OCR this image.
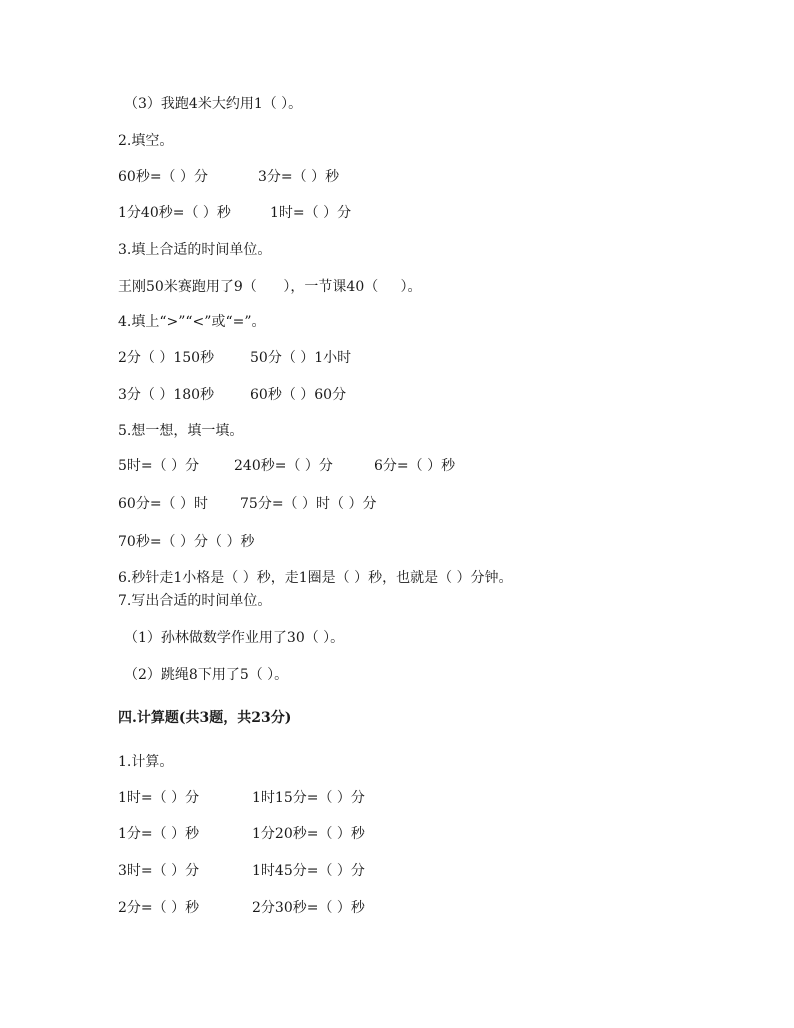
（3）我跑4米大约用1（ ）。
2.填空。
60秒=（ ）分	3分=（ ）秒
1分40秒=（ ）秒	1时=（ ）分
3.填上合适的时间单位。
王刚50米赛跑用了9（      ），一节课40（     ）。
4.填上“>”“<”或“=”。
2分（ ）150秒	50分（ ）1小时
3分（ ）180秒	60秒（ ）60分
5.想一想，填一填。
5时=（ ）分 240秒=（ ）分	6分=（ ）秒
60分=（ ）时 75分=（ ）时（ ）分
70秒=（ ）分（ ）秒
6.秒针走1小格是（ ）秒，走1圈是（ ）秒，也就是（ ）分钟。
7.写出合适的时间单位。
（1）孙林做数学作业用了30（ ）。
（2）跳绳8下用了5（ ）。
四.计算题(共3题，共23分)
1.计算。
1时=（ ）分	1时15分=（ ）分
1分=（ ）秒	1分20秒=（ ）秒
3时=（ ）分	1时45分=（ ）分
2分=（ ）秒	2分30秒=（ ）秒
